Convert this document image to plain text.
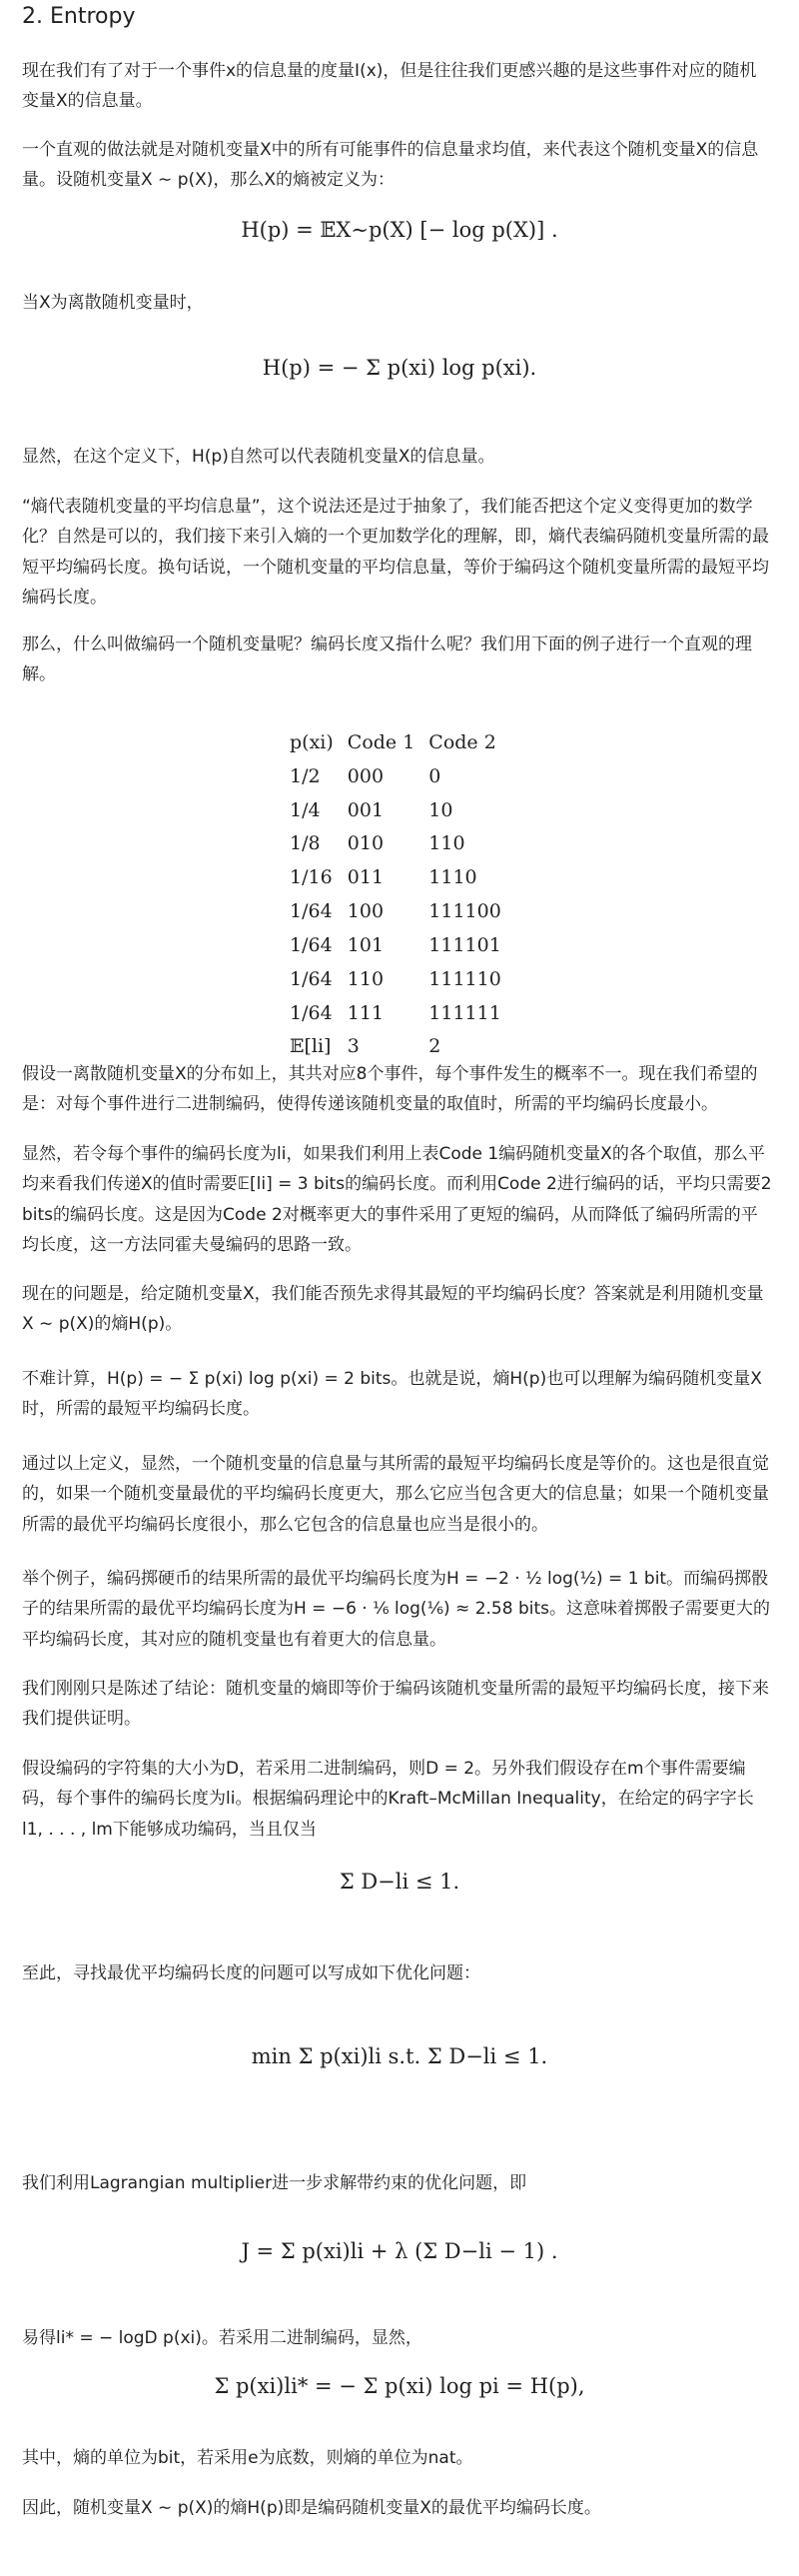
2. Entropy

现在我们有了对于一个事件x的信息量的度量I(x)，但是往往我们更感兴趣的是这些事件对应的随机变量X的信息量。

一个直观的做法就是对随机变量X中的所有可能事件的信息量求均值，来代表这个随机变量X的信息量。设随机变量X ∼ p(X)，那么X的熵被定义为：

H(p) = 𝔼X∼p(X) [− log p(X)] .

当X为离散随机变量时，

H(p) = − Σ p(xi) log p(xi).

显然，在这个定义下，H(p)自然可以代表随机变量X的信息量。

“熵代表随机变量的平均信息量”，这个说法还是过于抽象了，我们能否把这个定义变得更加的数学化？自然是可以的，我们接下来引入熵的一个更加数学化的理解，即，熵代表编码随机变量所需的最短平均编码长度。换句话说，一个随机变量的平均信息量，等价于编码这个随机变量所需的最短平均编码长度。

那么，什么叫做编码一个随机变量呢？编码长度又指什么呢？我们用下面的例子进行一个直观的理解。

p(xi)	Code 1	Code 2
1/2	000	0
1/4	001	10
1/8	010	110
1/16	011	1110
1/64	100	111100
1/64	101	111101
1/64	110	111110
1/64	111	111111
𝔼[li]	3	2

假设一离散随机变量X的分布如上，其共对应8个事件，每个事件发生的概率不一。现在我们希望的是：对每个事件进行二进制编码，使得传递该随机变量的取值时，所需的平均编码长度最小。

显然，若令每个事件的编码长度为li，如果我们利用上表Code 1编码随机变量X的各个取值，那么平均来看我们传递X的值时需要𝔼[li] = 3 bits的编码长度。而利用Code 2进行编码的话，平均只需要2 bits的编码长度。这是因为Code 2对概率更大的事件采用了更短的编码，从而降低了编码所需的平均长度，这一方法同霍夫曼编码的思路一致。

现在的问题是，给定随机变量X，我们能否预先求得其最短的平均编码长度？答案就是利用随机变量X ∼ p(X)的熵H(p)。

不难计算，H(p) = − Σ p(xi) log p(xi) = 2 bits。也就是说，熵H(p)也可以理解为编码随机变量X时，所需的最短平均编码长度。

通过以上定义，显然，一个随机变量的信息量与其所需的最短平均编码长度是等价的。这也是很直觉的，如果一个随机变量最优的平均编码长度更大，那么它应当包含更大的信息量；如果一个随机变量所需的最优平均编码长度很小，那么它包含的信息量也应当是很小的。

举个例子，编码掷硬币的结果所需的最优平均编码长度为H = −2 · ½ log(½) = 1 bit。而编码掷骰子的结果所需的最优平均编码长度为H = −6 · ⅙ log(⅙) ≈ 2.58 bits。这意味着掷骰子需要更大的平均编码长度，其对应的随机变量也有着更大的信息量。

我们刚刚只是陈述了结论：随机变量的熵即等价于编码该随机变量所需的最短平均编码长度，接下来我们提供证明。

假设编码的字符集的大小为D，若采用二进制编码，则D = 2。另外我们假设存在m个事件需要编码，每个事件的编码长度为li。根据编码理论中的Kraft–McMillan Inequality，在给定的码字字长l1, . . . , lm下能够成功编码，当且仅当

Σ D−li ≤ 1.

至此，寻找最优平均编码长度的问题可以写成如下优化问题：

min Σ p(xi)li s.t. Σ D−li ≤ 1.

我们利用Lagrangian multiplier进一步求解带约束的优化问题，即

J = Σ p(xi)li + λ (Σ D−li − 1) .

易得li* = − logD p(xi)。若采用二进制编码，显然，

Σ p(xi)li* = − Σ p(xi) log pi = H(p),

其中，熵的单位为bit，若采用e为底数，则熵的单位为nat。

因此，随机变量X ∼ p(X)的熵H(p)即是编码随机变量X的最优平均编码长度。
